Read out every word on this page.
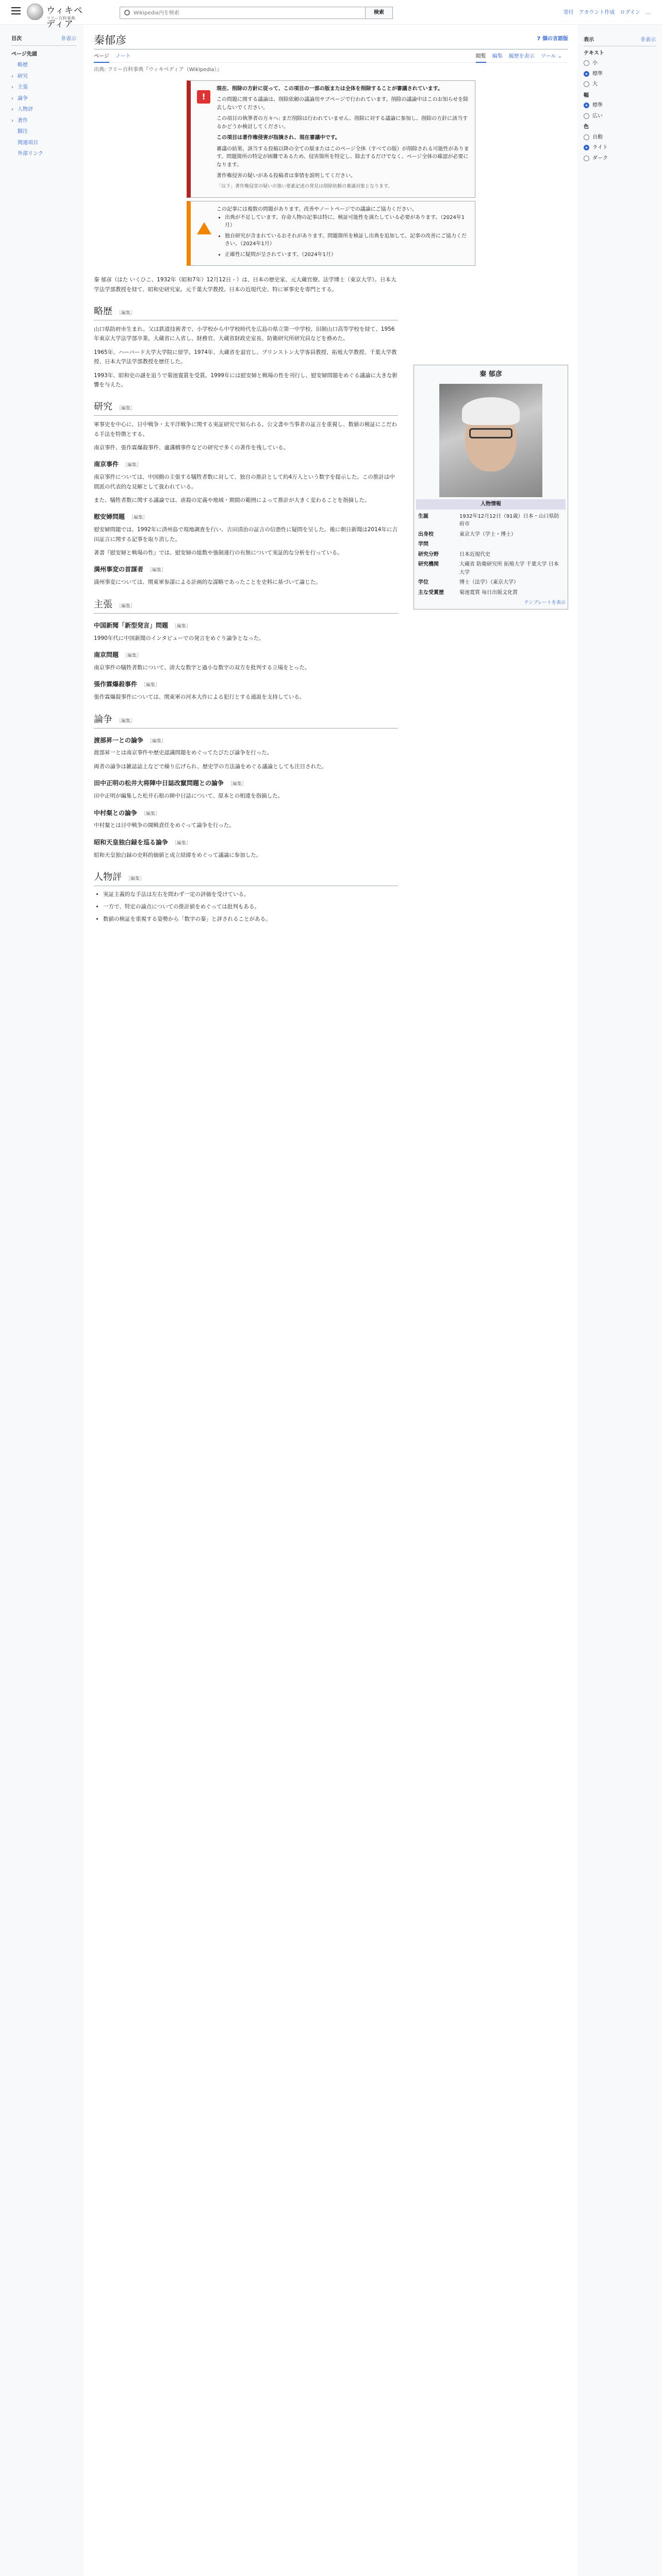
ウィキペディア
フリー百科事典
Wikipedia内を検索
検索	寄付 アカウント作成 ログイン …
目次	非表示
ページ先頭
略歴
› 研究
› 主張
› 論争
› 人物評
› 著作
脚注
関連項目
外部リンク
秦郁彦	7 個の言語版
ページ ノート	閲覧 編集 履歴を表示 ツール ⌄
出典: フリー百科事典『ウィキペディア（Wikipedia）』
!

現在、削除の方針に従って、この項目の一部の版または全体を削除することが審議されています。

この問題に関する議論は、削除依頼の議論用サブページで行われています。削除の議論中はこのお知らせを除去しないでください。

この項目の執筆者の方々へ: まだ削除は行われていません。削除に対する議論に参加し、削除の方針に該当するかどうか検討してください。

この項目は著作権侵害が指摘され、現在審議中です。

審議の結果、該当する投稿以降の全ての版またはこのページ全体（すべての版）が削除される可能性があります。問題箇所の特定が困難であるため、侵害箇所を特定し、除去するだけでなく、ページ全体の確認が必要になります。

著作権侵害の疑いがある投稿者は事情を説明してください。

「以下」著作権侵害の疑いの強い要素記述の発見は削除依頼の審議対象となります。

この記事には複数の問題があります。改善やノートページでの議論にご協力ください。

• 出典が不足しています。存命人物の記事は特に、検証可能性を満たしている必要があります。（2024年1月）
• 独自研究が含まれているおそれがあります。問題箇所を検証し出典を追加して、記事の改善にご協力ください。（2024年1月）
• 正確性に疑問が呈されています。（2024年1月）
秦 郁彦
人物情報
生誕	1932年12月12日（91歳）日本・山口県防府市
出身校	東京大学（学士・博士）
学問	
研究分野	日本近現代史
研究機関	大蔵省 防衛研究所 拓殖大学 千葉大学 日本大学
学位	博士（法学）（東京大学）
主な受賞歴	菊池寛賞 毎日出版文化賞
テンプレートを表示

秦 郁彦（はた いくひこ、1932年（昭和7年）12月12日 - ）は、日本の歴史家、元大蔵官僚。法学博士（東京大学）。日本大学法学部教授を経て、昭和史研究家。元千葉大学教授。日本の近現代史、特に軍事史を専門とする。

略歴 ［編集］

山口県防府市生まれ。父は鉄道技術者で、小学校から中学校時代を広島の県立第一中学校、旧制山口高等学校を経て、1956年東京大学法学部卒業。大蔵省に入省し、財務官、大蔵省財政史室長、防衛研究所研究員などを務めた。

1965年、ハーバード大学大学院に留学。1974年、大蔵省を退官し、プリンストン大学客員教授、拓殖大学教授、千葉大学教授、日本大学法学部教授を歴任した。

1993年、昭和史の謎を追うで菊池寛賞を受賞。1999年には慰安婦と戦場の性を刊行し、慰安婦問題をめぐる議論に大きな影響を与えた。

研究 ［編集］

軍事史を中心に、日中戦争・太平洋戦争に関する実証研究で知られる。公文書や当事者の証言を重視し、数値の検証にこだわる手法を特徴とする。

南京事件、張作霖爆殺事件、盧溝橋事件などの研究で多くの著作を残している。

南京事件 ［編集］

南京事件については、中国側の主張する犠牲者数に対して、独自の推計として約4万人という数字を提示した。この推計は中間派の代表的な見解として扱われている。

また、犠牲者数に関する議論では、虐殺の定義や地域・期間の範囲によって推計が大きく変わることを指摘した。

慰安婦問題 ［編集］

慰安婦問題では、1992年に済州島で現地調査を行い、吉田清治の証言の信憑性に疑問を呈した。後に朝日新聞は2014年に吉田証言に関する記事を取り消した。

著書『慰安婦と戦場の性』では、慰安婦の総数や強制連行の有無について実証的な分析を行っている。

満州事変の首謀者 ［編集］

満州事変については、関東軍参謀による計画的な謀略であったことを史料に基づいて論じた。

主張 ［編集］
中国新聞「新型発言」問題 ［編集］

1990年代に中国新聞のインタビューでの発言をめぐり論争となった。

南京問題 ［編集］

南京事件の犠牲者数について、誇大な数字と過小な数字の双方を批判する立場をとった。

張作霖爆殺事件 ［編集］

張作霖爆殺事件については、関東軍の河本大作による犯行とする通説を支持している。

論争 ［編集］
渡部昇一との論争 ［編集］

渡部昇一とは南京事件や歴史認識問題をめぐってたびたび論争を行った。

両者の論争は雑誌誌上などで繰り広げられ、歴史学の方法論をめぐる議論としても注目された。

田中正明の松井大将陣中日誌改竄問題との論争 ［編集］

田中正明が編集した松井石根の陣中日誌について、原本との相違を指摘した。

中村粲との論争 ［編集］

中村粲とは日中戦争の開戦責任をめぐって論争を行った。

昭和天皇独白録を巡る論争 ［編集］

昭和天皇独白録の史料的価値と成立経緯をめぐって議論に参加した。

人物評 ［編集］
• 実証主義的な手法は左右を問わず一定の評価を受けている。
• 一方で、特定の論点についての推計値をめぐっては批判もある。
• 数値の検証を重視する姿勢から「数字の秦」と評されることがある。
表示	非表示
テキスト
小
標準
大
幅
標準
広い
色
自動
ライト
ダーク
